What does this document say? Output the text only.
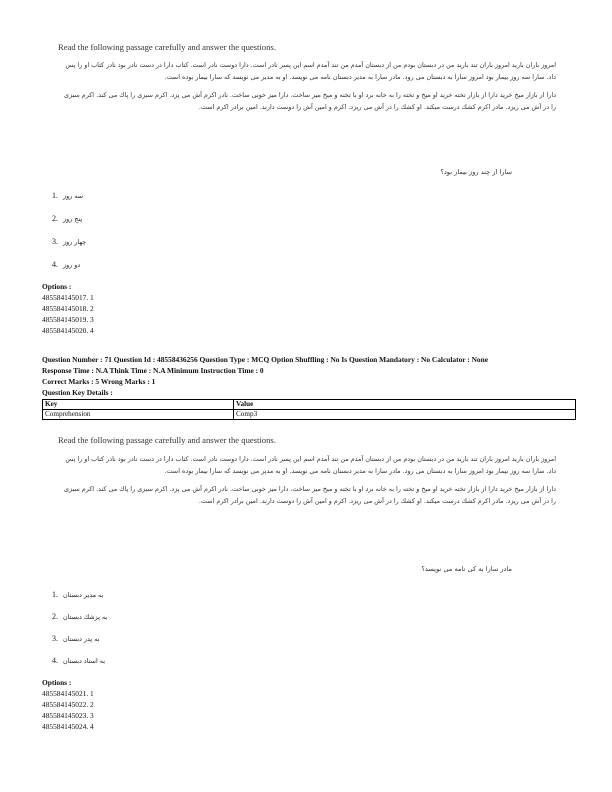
Read the following passage carefully and answer the questions.

امروز باران باريد امروز باران تند باريد من در دبستان بودم من از دبستان آمدم من تند آمدم اسم اين پسر نادر است. دارا دوست نادر است. كتاب دارا در دست نادر بود نادر كتاب او را پس داد. سارا سه روز بيمار بود امروز سارا به دبستان مى رود. مادر سارا به مدير دبستان نامه مى نويسد. او به مدير مى نويسد كه سارا بيمار بوده است.

دارا از بازار ميخ خريد دارا از بازار تخته خريد او ميخ و تخته را به خانه برد او با تخته و ميخ ميز ساخت. دارا ميز خوبى ساخت. نادر اكرم آش مى پزد. اكرم سبزى را پاك مى كند. اكرم سبزى را در آش مى ريزد. مادر اكرم كشك درست ميكند. او كشك را در آش مى ريزد. اكرم و امين آش را دوست دارند. امين برادر اكرم است.

سارا از چند روز بيمار بود؟
1. سه روز
2. پنج روز
3. چهار روز
4. دو روز
Options :
485584145017. 1
485584145018. 2
485584145019. 3
485584145020. 4
Question Number : 71 Question Id : 48558436256 Question Type : MCQ Option Shuffling : No Is Question Mandatory : No Calculator : None
Response Time : N.A Think Time : N.A Minimum Instruction Time : 0
Correct Marks : 5 Wrong Marks : 1
Question Key Details :
Key	Value
Comprehension	Comp3
Read the following passage carefully and answer the questions.

امروز باران باريد امروز باران تند باريد من در دبستان بودم من از دبستان آمدم من تند آمدم اسم اين پسر نادر است. دارا دوست نادر است. كتاب دارا در دست نادر بود نادر كتاب او را پس داد. سارا سه روز بيمار بود امروز سارا به دبستان مى رود. مادر سارا به مدير دبستان نامه مى نويسد. او به مدير مى نويسد كه سارا بيمار بوده است.

دارا از بازار ميخ خريد دارا از بازار تخته خريد او ميخ و تخته را به خانه برد او با تخته و ميخ ميز ساخت. دارا ميز خوبى ساخت. نادر اكرم آش مى پزد. اكرم سبزى را پاك مى كند. اكرم سبزى را در آش مى ريزد. مادر اكرم كشك درست ميكند. او كشك را در آش مى ريزد. اكرم و امين آش را دوست دارند. امين برادر اكرم است.

مادر سارا به كى نامه مى نويسد؟
1. به مدير دبستان
2. به پزشك دبستان
3. به پدر دبستان
4. به استاد دبستان
Options :
485584145021. 1
485584145022. 2
485584145023. 3
485584145024. 4
